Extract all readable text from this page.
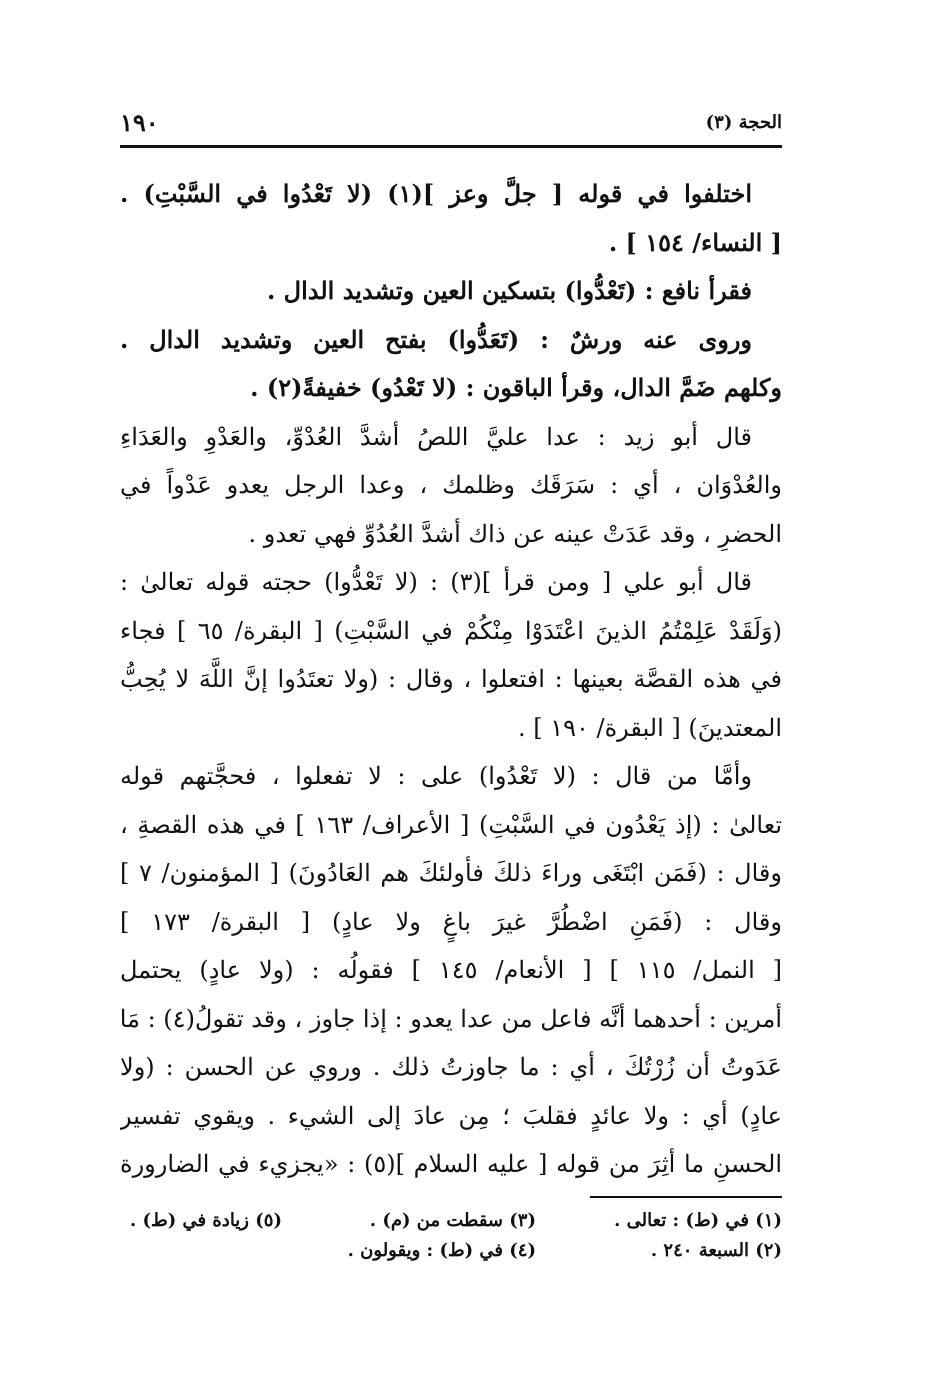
١٩٠	الحجة (٣)
اختلفوا في قوله [ جلَّ وعز ](١) (لا تَعْدُوا في السَّبْتِ) .
[ النساء/ ١٥٤ ] .
فقرأ نافع : (تَعْدُّوا) بتسكين العين وتشديد الدال .
وروى عنه ورشٌ : (تَعَدُّوا) بفتح العين وتشديد الدال .
وكلهم ضَمَّ الدال، وقرأ الباقون : (لا تَعْدُو) خفيفةً(٢) .
قال أبو زيد : عدا عليَّ اللصُ أشدَّ العُدْوِّ، والعَدْوِ والعَدَاءِ
والعُدْوَان ، أي : سَرَقَك وظلمك ، وعدا الرجل يعدو عَدْواً في
الحضرِ ، وقد عَدَتْ عينه عن ذاك أشدَّ العُدُوِّ فهي تعدو .
قال أبو علي [ ومن قرأ ](٣) : (لا تَعْدُّوا) حجته قوله تعالىٰ :
(وَلَقَدْ عَلِمْتُمُ الذينَ اعْتَدَوْا مِنْكُمْ في السَّبْتِ) [ البقرة/ ٦٥ ] فجاء
في هذه القصَّة بعينها : افتعلوا ، وقال : (ولا تعتَدُوا إنَّ اللَّهَ لا يُحِبُّ
المعتدينَ) [ البقرة/ ١٩٠ ] .
وأمَّا من قال : (لا تَعْدُوا) على : لا تفعلوا ، فحجَّتهم قوله
تعالىٰ : (إذ يَعْدُون في السَّبْتِ) [ الأعراف/ ١٦٣ ] في هذه القصةِ ،
وقال : (فَمَن ابْتَغَى وراءَ ذلكَ فأولئكَ هم العَادُونَ) [ المؤمنون/ ٧ ]
وقال : (فَمَنِ اضْطُرَّ غيرَ باغٍ ولا عادٍ) [ البقرة/ ١٧٣ ]
[ النمل/ ١١٥ ] [ الأنعام/ ١٤٥ ] فقولُه : (ولا عادٍ) يحتمل
أمرين : أحدهما أنَّه فاعل من عدا يعدو : إذا جاوز ، وقد تقولُ(٤) : مَا
عَدَوتُ أن زُرْتُكَ ، أي : ما جاوزتُ ذلك . وروي عن الحسن : (ولا
عادٍ) أي : ولا عائدٍ فقلبَ ؛ مِن عادَ إلى الشيء . ويقوي تفسير
الحسنِ ما أثِرَ من قوله [ عليه السلام ](٥) : «يجزيء في الضارورة
(١) في (ط) : تعالى .
(٢) السبعة ٢٤٠ .
(٣) سقطت من (م) .
(٤) في (ط) : ويقولون .
(٥) زيادة في (ط) .
